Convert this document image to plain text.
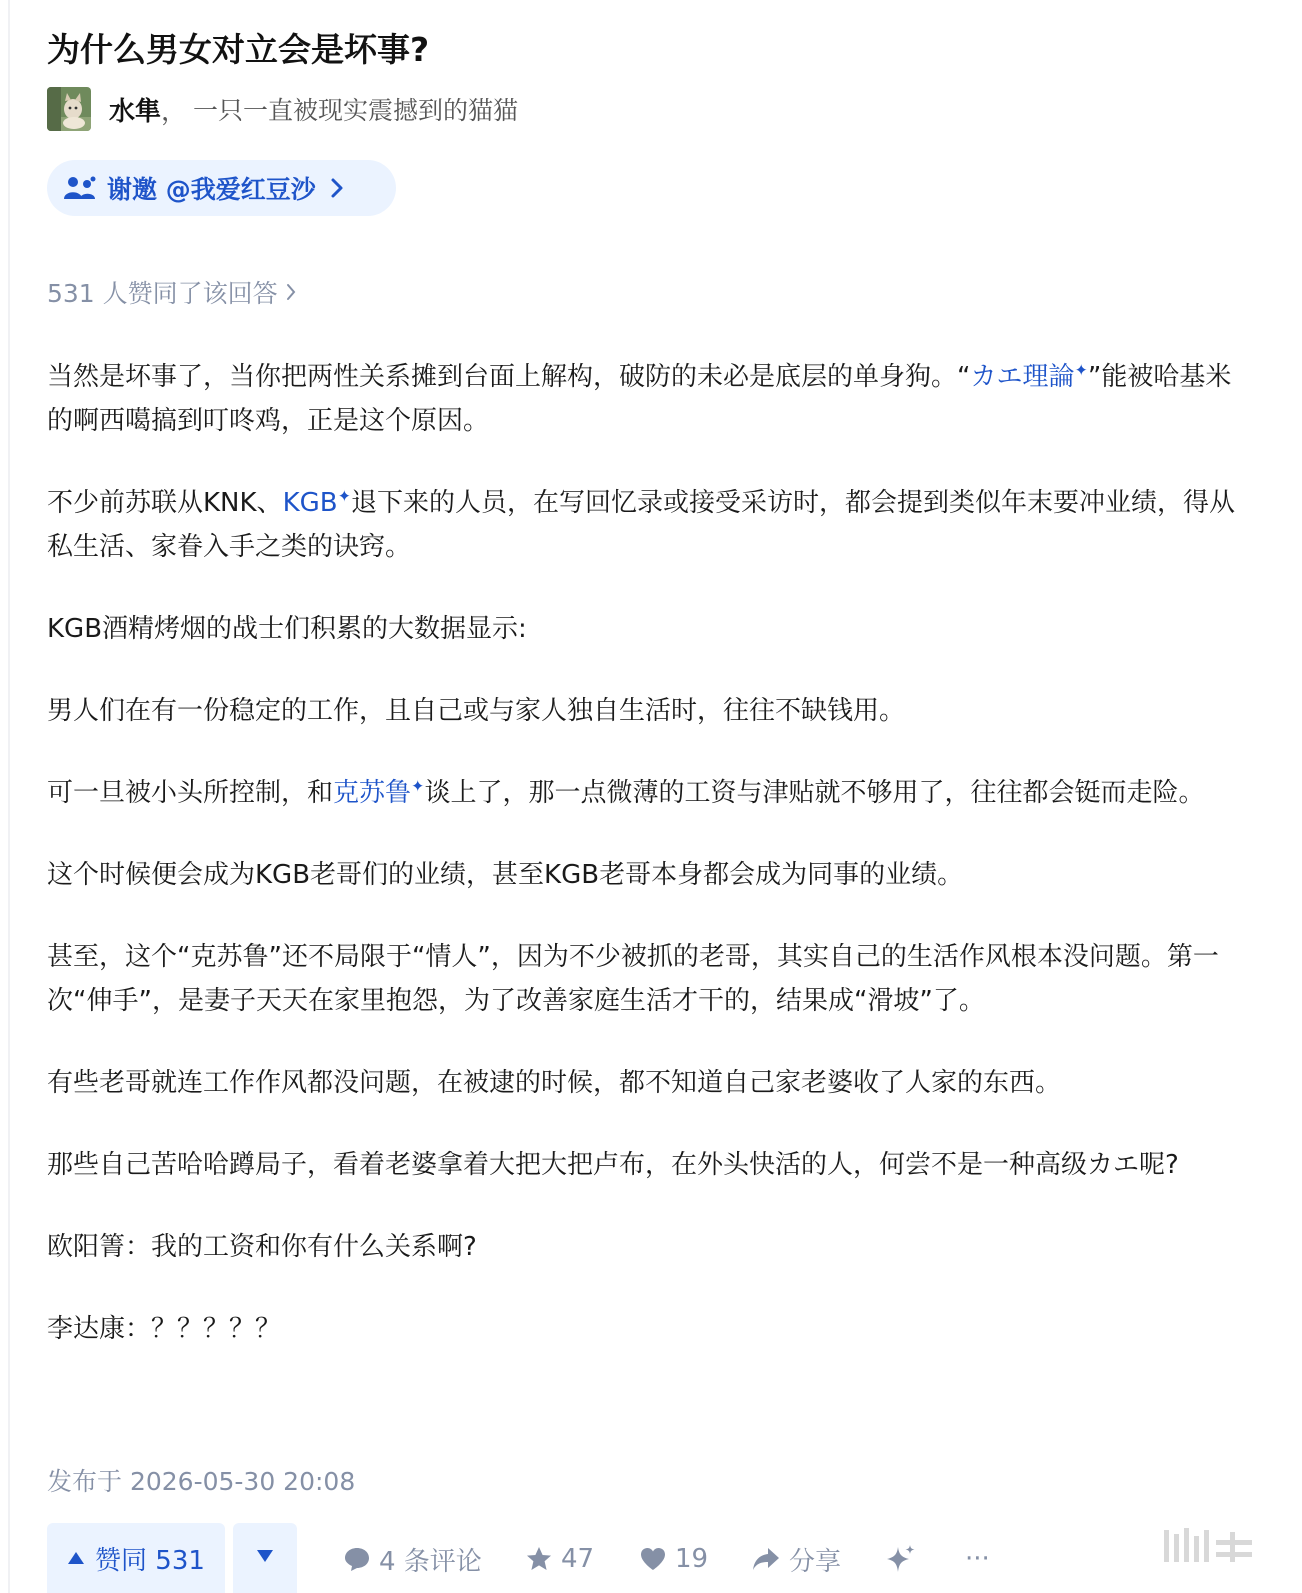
为什么男女对立会是坏事?
水隼 ， 一只一直被现实震撼到的猫猫
谢邀 @我爱红豆沙
531 人赞同了该回答

当然是坏事了，当你把两性关系摊到台面上解构，破防的未必是底层的单身狗。“カエ理論✦”能被哈基米的啊西噶搞到叮咚鸡，正是这个原因。

不少前苏联从KNK、KGB✦退下来的人员，在写回忆录或接受采访时，都会提到类似年末要冲业绩，得从私生活、家眷入手之类的诀窍。

KGB酒精烤烟的战士们积累的大数据显示:

男人们在有一份稳定的工作，且自己或与家人独自生活时，往往不缺钱用。

可一旦被小头所控制，和克苏鲁✦谈上了，那一点微薄的工资与津贴就不够用了，往往都会铤而走险。

这个时候便会成为KGB老哥们的业绩，甚至KGB老哥本身都会成为同事的业绩。

甚至，这个“克苏鲁”还不局限于“情人”，因为不少被抓的老哥，其实自己的生活作风根本没问题。第一次“伸手”，是妻子天天在家里抱怨，为了改善家庭生活才干的，结果成“滑坡”了。

有些老哥就连工作作风都没问题，在被逮的时候，都不知道自己家老婆收了人家的东西。

那些自己苦哈哈蹲局子，看着老婆拿着大把大把卢布，在外头快活的人，何尝不是一种高级カエ呢?

欧阳箐：我的工资和你有什么关系啊?

李达康：？？？？？

发布于 2026-05-30 20:08
赞同 531	4 条评论	47	19	分享	···
